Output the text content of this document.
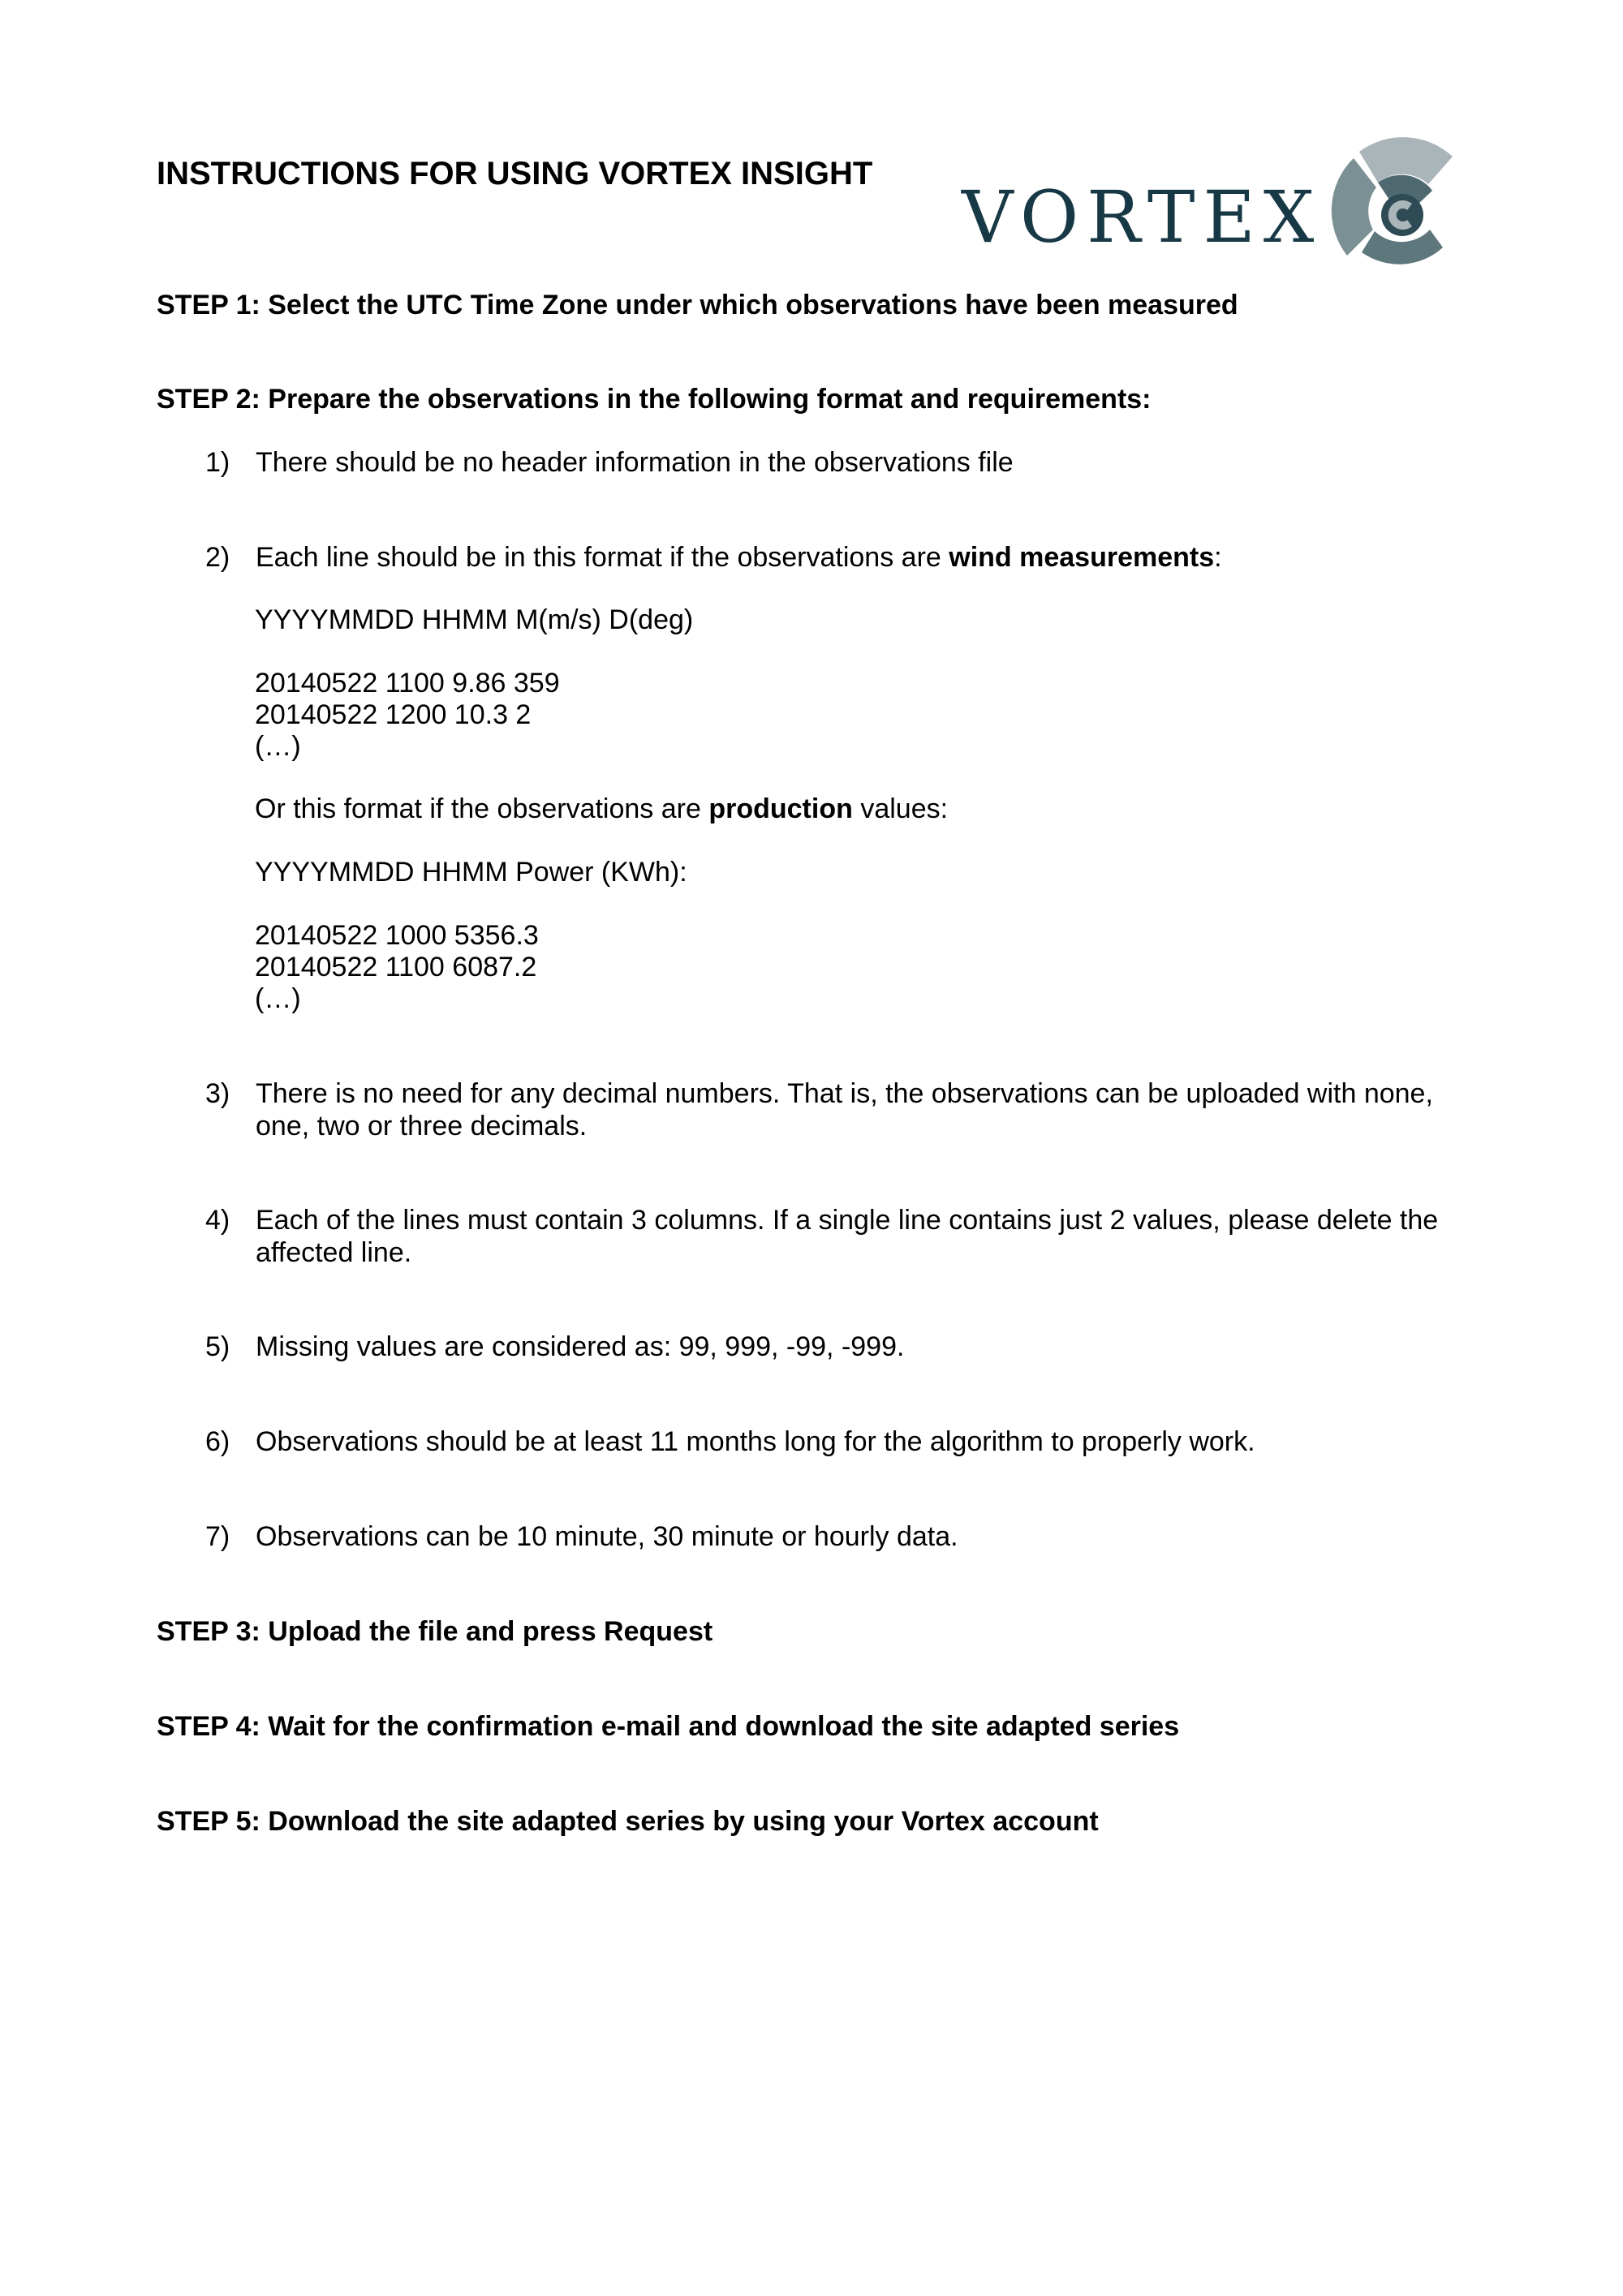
INSTRUCTIONS FOR USING VORTEX INSIGHT
VORTEX

STEP 1: Select the UTC Time Zone under which observations have been measured

STEP 2: Prepare the observations in the following format and requirements:

1) There should be no header information in the observations file
2) Each line should be in this format if the observations are wind measurements:
YYYYMMDD HHMM M(m/s) D(deg)
20140522 1100 9.86 359
20140522 1200 10.3 2
(…)
Or this format if the observations are production values:
YYYYMMDD HHMM Power (KWh):
20140522 1000 5356.3
20140522 1100 6087.2
(…)
3) There is no need for any decimal numbers. That is, the observations can be uploaded with none, one, two or three decimals.
4) Each of the lines must contain 3 columns. If a single line contains just 2 values, please delete the affected line.
5) Missing values are considered as: 99, 999, -99, -999.
6) Observations should be at least 11 months long for the algorithm to properly work.
7) Observations can be 10 minute, 30 minute or hourly data.

STEP 3: Upload the file and press Request

STEP 4: Wait for the confirmation e-mail and download the site adapted series

STEP 5: Download the site adapted series by using your Vortex account
